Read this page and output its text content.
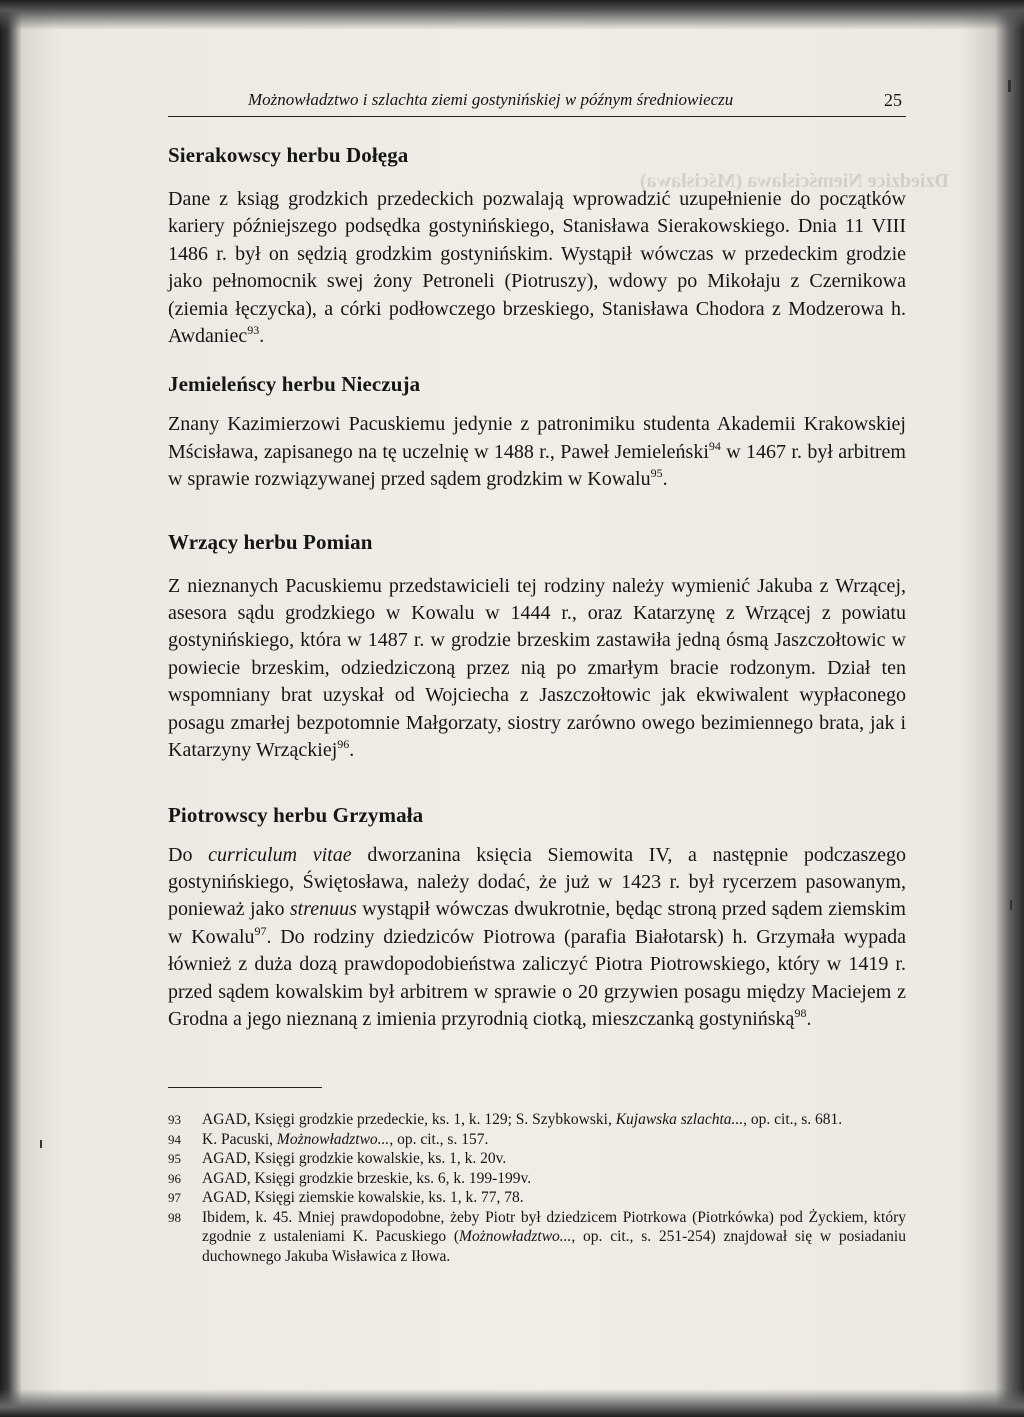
Dziedzice Niemścisława (Mścisława)
Możnowładztwo i szlachta ziemi gostynińskiej w późnym średniowieczu	25
Sierakowscy herbu Dołęga

Dane z ksiąg grodzkich przedeckich pozwalają wprowadzić uzupełnienie do początków kariery późniejszego podsędka gostynińskiego, Stanisława Sierakowskiego. Dnia 11 VIII 1486 r. był on sędzią grodzkim gostynińskim. Wystąpił wówczas w przedeckim grodzie jako pełnomocnik swej żony Petroneli (Piotruszy), wdowy po Mikołaju z Czernikowa (ziemia łęczycka), a córki podłowczego brzeskiego, Stanisława Chodora z Modzerowa h. Awdaniec$^{93}$.

Jemieleńscy herbu Nieczuja

Znany Kazimierzowi Pacuskiemu jedynie z patronimiku studenta Akademii Krakowskiej Mścisława, zapisanego na tę uczelnię w 1488 r., Paweł Jemieleński$^{94}$ w 1467 r. był arbitrem w sprawie rozwiązywanej przed sądem grodzkim w Kowalu$^{95}$.

Wrzący herbu Pomian

Z nieznanych Pacuskiemu przedstawicieli tej rodziny należy wymienić Jakuba z Wrzącej, asesora sądu grodzkiego w Kowalu w 1444 r., oraz Katarzynę z Wrzącej z powiatu gostynińskiego, która w 1487 r. w grodzie brzeskim zastawiła jedną ósmą Jaszczołtowic w powiecie brzeskim, odziedziczoną przez nią po zmarłym bracie rodzonym. Dział ten wspomniany brat uzyskał od Wojciecha z Jaszczołtowic jak ekwiwalent wypłaconego posagu zmarłej bezpotomnie Małgorzaty, siostry zarówno owego bezimiennego brata, jak i Katarzyny Wrząckiej$^{96}$.

Piotrowscy herbu Grzymała

Do curriculum vitae dworzanina księcia Siemowita IV, a następnie podczaszego gostynińskiego, Świętosława, należy dodać, że już w 1423 r. był rycerzem pasowanym, ponieważ jako strenuus wystąpił wówczas dwukrotnie, będąc stroną przed sądem ziemskim w Kowalu$^{97}$. Do rodziny dziedziców Piotrowa (parafia Białotarsk) h. Grzymała wypada łównież z duża dozą prawdopodobieństwa zaliczyć Piotra Piotrowskiego, który w 1419 r. przed sądem kowalskim był arbitrem w sprawie o 20 grzywien posagu między Maciejem z Grodna a jego nieznaną z imienia przyrodnią ciotką, mieszczanką gostynińską$^{98}$.

93	AGAD, Księgi grodzkie przedeckie, ks. 1, k. 129; S. Szybkowski, Kujawska szlachta..., op. cit., s. 681.
94	K. Pacuski, Możnowładztwo..., op. cit., s. 157.
95	AGAD, Księgi grodzkie kowalskie, ks. 1, k. 20v.
96	AGAD, Księgi grodzkie brzeskie, ks. 6, k. 199-199v.
97	AGAD, Księgi ziemskie kowalskie, ks. 1, k. 77, 78.
98	Ibidem, k. 45. Mniej prawdopodobne, żeby Piotr był dziedzicem Piotrkowa (Piotrkówka) pod Życkiem, który zgodnie z ustaleniami K. Pacuskiego (Możnowładztwo..., op. cit., s. 251-254) znajdował się w posiadaniu duchownego Jakuba Wisławica z Iłowa.
